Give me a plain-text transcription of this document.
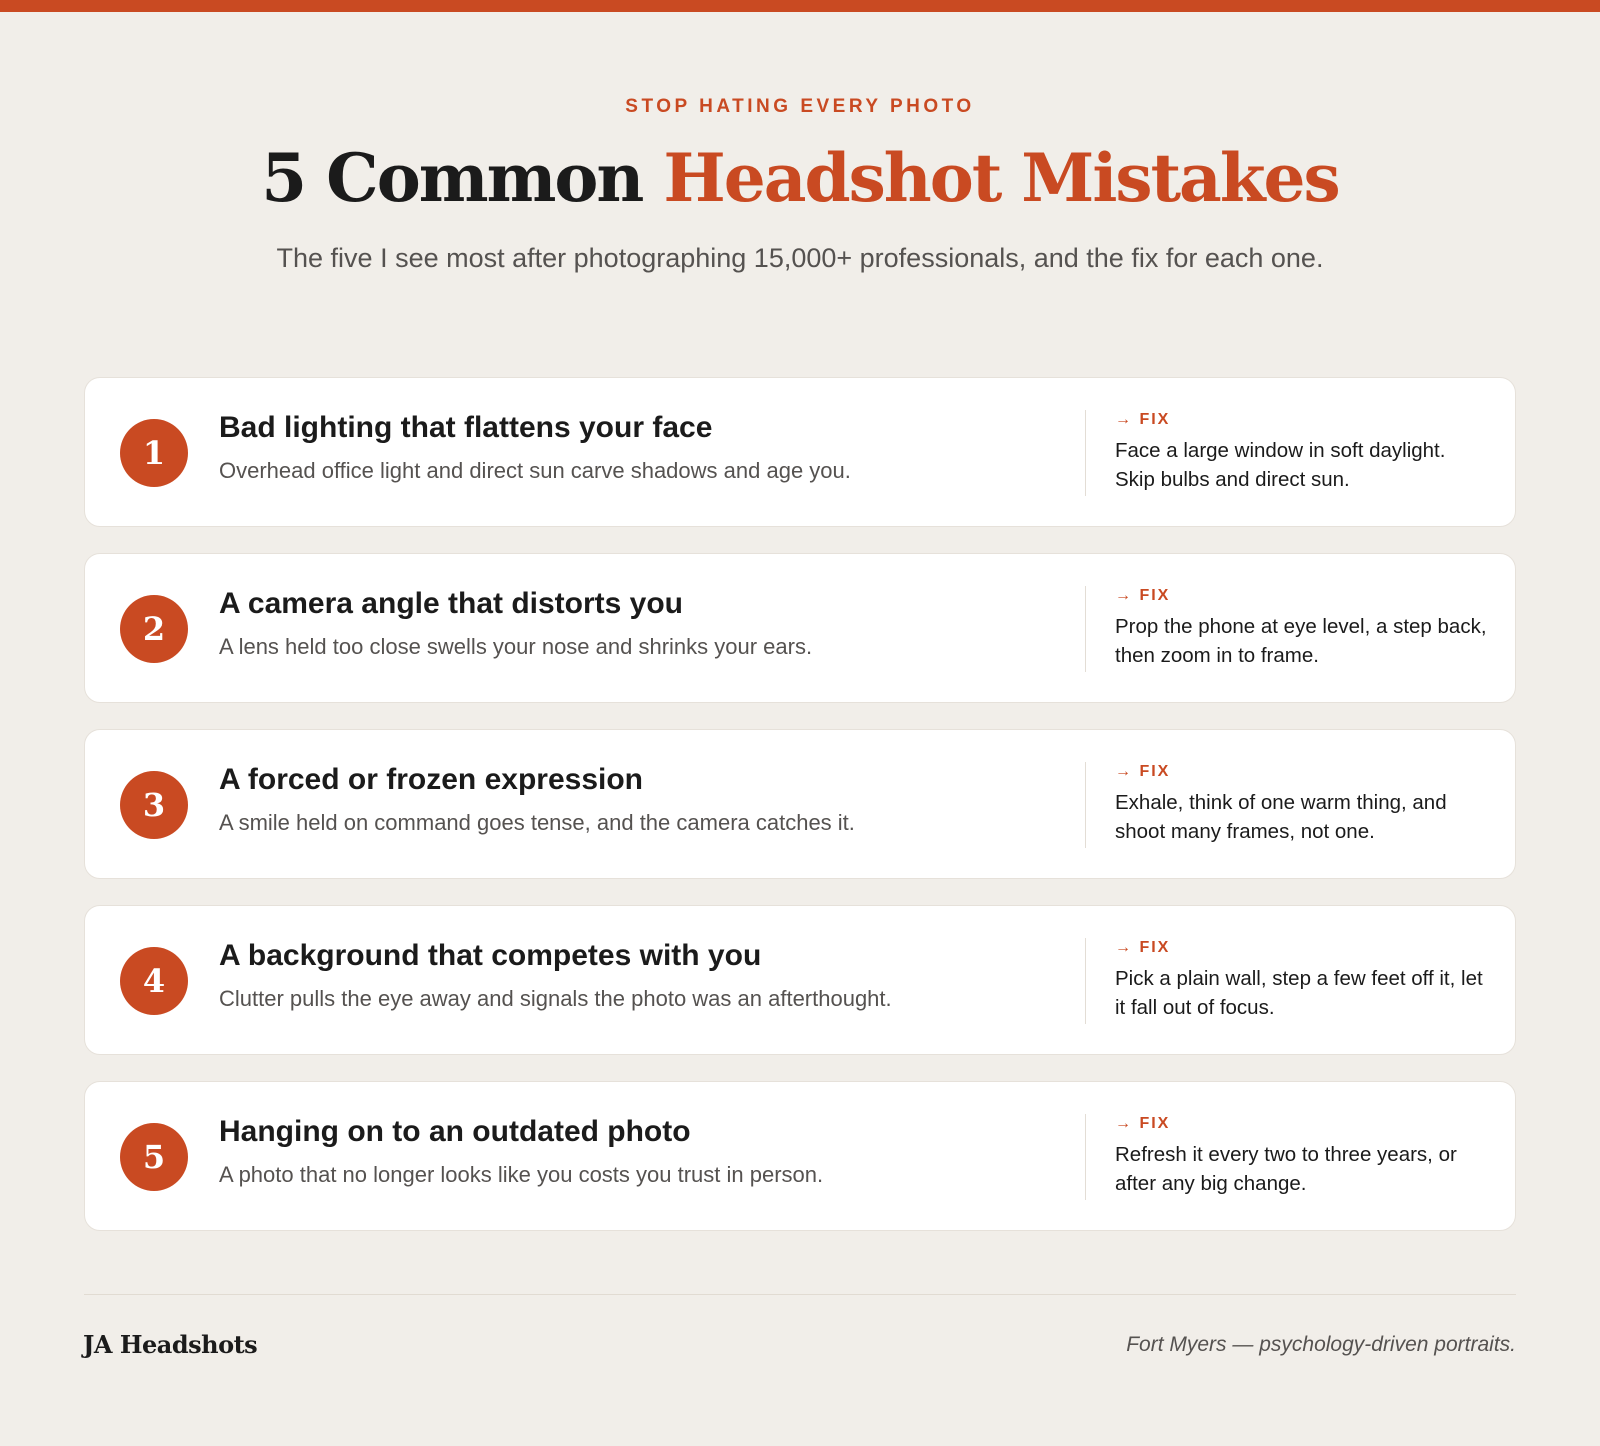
STOP HATING EVERY PHOTO
5 Common Headshot Mistakes

The five I see most after photographing 15,000+ professionals, and the fix for each one.

1
Bad lighting that flattens your face
Overhead office light and direct sun carve shadows and age you.
→ FIX
Face a large window in soft daylight. Skip bulbs and direct sun.
2
A camera angle that distorts you
A lens held too close swells your nose and shrinks your ears.
→ FIX
Prop the phone at eye level, a step back, then zoom in to frame.
3
A forced or frozen expression
A smile held on command goes tense, and the camera catches it.
→ FIX
Exhale, think of one warm thing, and shoot many frames, not one.
4
A background that competes with you
Clutter pulls the eye away and signals the photo was an afterthought.
→ FIX
Pick a plain wall, step a few feet off it, let it fall out of focus.
5
Hanging on to an outdated photo
A photo that no longer looks like you costs you trust in person.
→ FIX
Refresh it every two to three years, or after any big change.
JA Headshots	Fort Myers — psychology-driven portraits.
